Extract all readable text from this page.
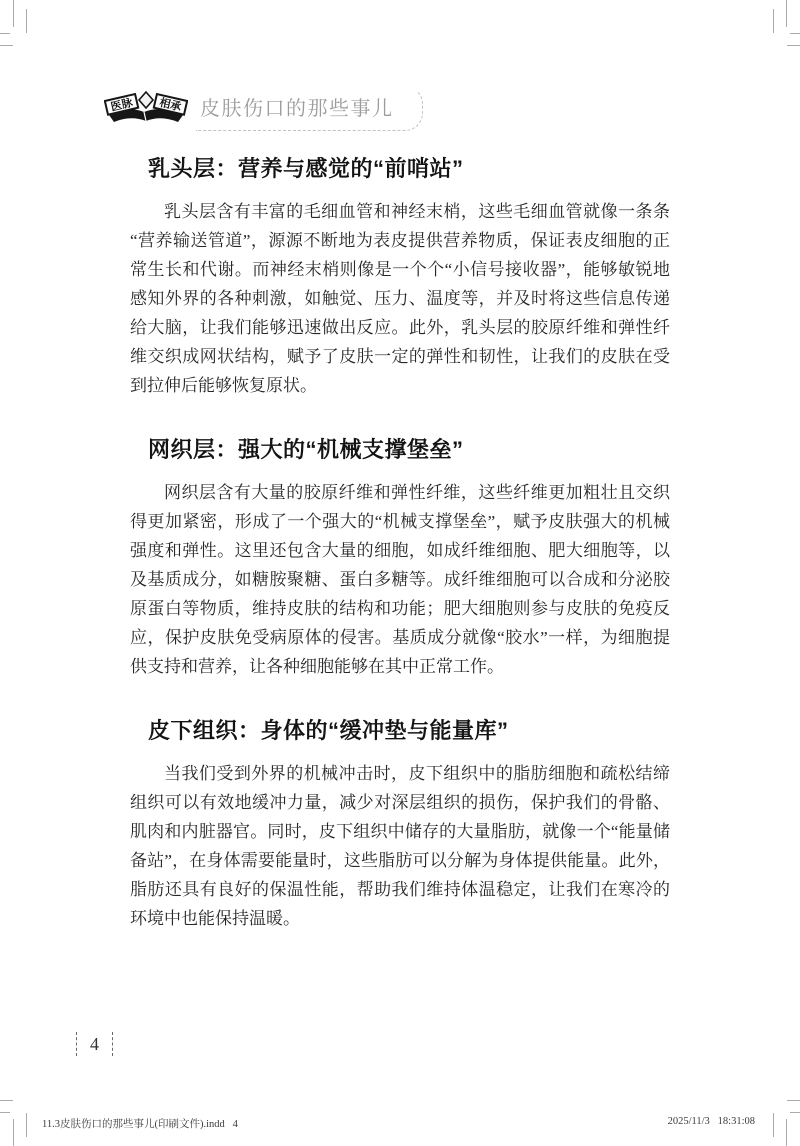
医脉 相承 皮肤伤口的那些事儿
乳头层：营养与感觉的“前哨站”

乳头层含有丰富的毛细血管和神经末梢，这些毛细血管就像一条条“营养输送管道”，源源不断地为表皮提供营养物质，保证表皮细胞的正常生长和代谢。而神经末梢则像是一个个“小信号接收器”，能够敏锐地感知外界的各种刺激，如触觉、压力、温度等，并及时将这些信息传递给大脑，让我们能够迅速做出反应。此外，乳头层的胶原纤维和弹性纤维交织成网状结构，赋予了皮肤一定的弹性和韧性，让我们的皮肤在受到拉伸后能够恢复原状。

网织层：强大的“机械支撑堡垒”

网织层含有大量的胶原纤维和弹性纤维，这些纤维更加粗壮且交织得更加紧密，形成了一个强大的“机械支撑堡垒”，赋予皮肤强大的机械强度和弹性。这里还包含大量的细胞，如成纤维细胞、肥大细胞等，以及基质成分，如糖胺聚糖、蛋白多糖等。成纤维细胞可以合成和分泌胶原蛋白等物质，维持皮肤的结构和功能；肥大细胞则参与皮肤的免疫反应，保护皮肤免受病原体的侵害。基质成分就像“胶水”一样，为细胞提供支持和营养，让各种细胞能够在其中正常工作。

皮下组织：身体的“缓冲垫与能量库”

当我们受到外界的机械冲击时，皮下组织中的脂肪细胞和疏松结缔组织可以有效地缓冲力量，减少对深层组织的损伤，保护我们的骨骼、肌肉和内脏器官。同时，皮下组织中储存的大量脂肪，就像一个“能量储备站”，在身体需要能量时，这些脂肪可以分解为身体提供能量。此外，脂肪还具有良好的保温性能，帮助我们维持体温稳定，让我们在寒冷的环境中也能保持温暖。

4
11.3皮肤伤口的那些事儿(印刷文件).indd   4	2025/11/3   18:31:08
